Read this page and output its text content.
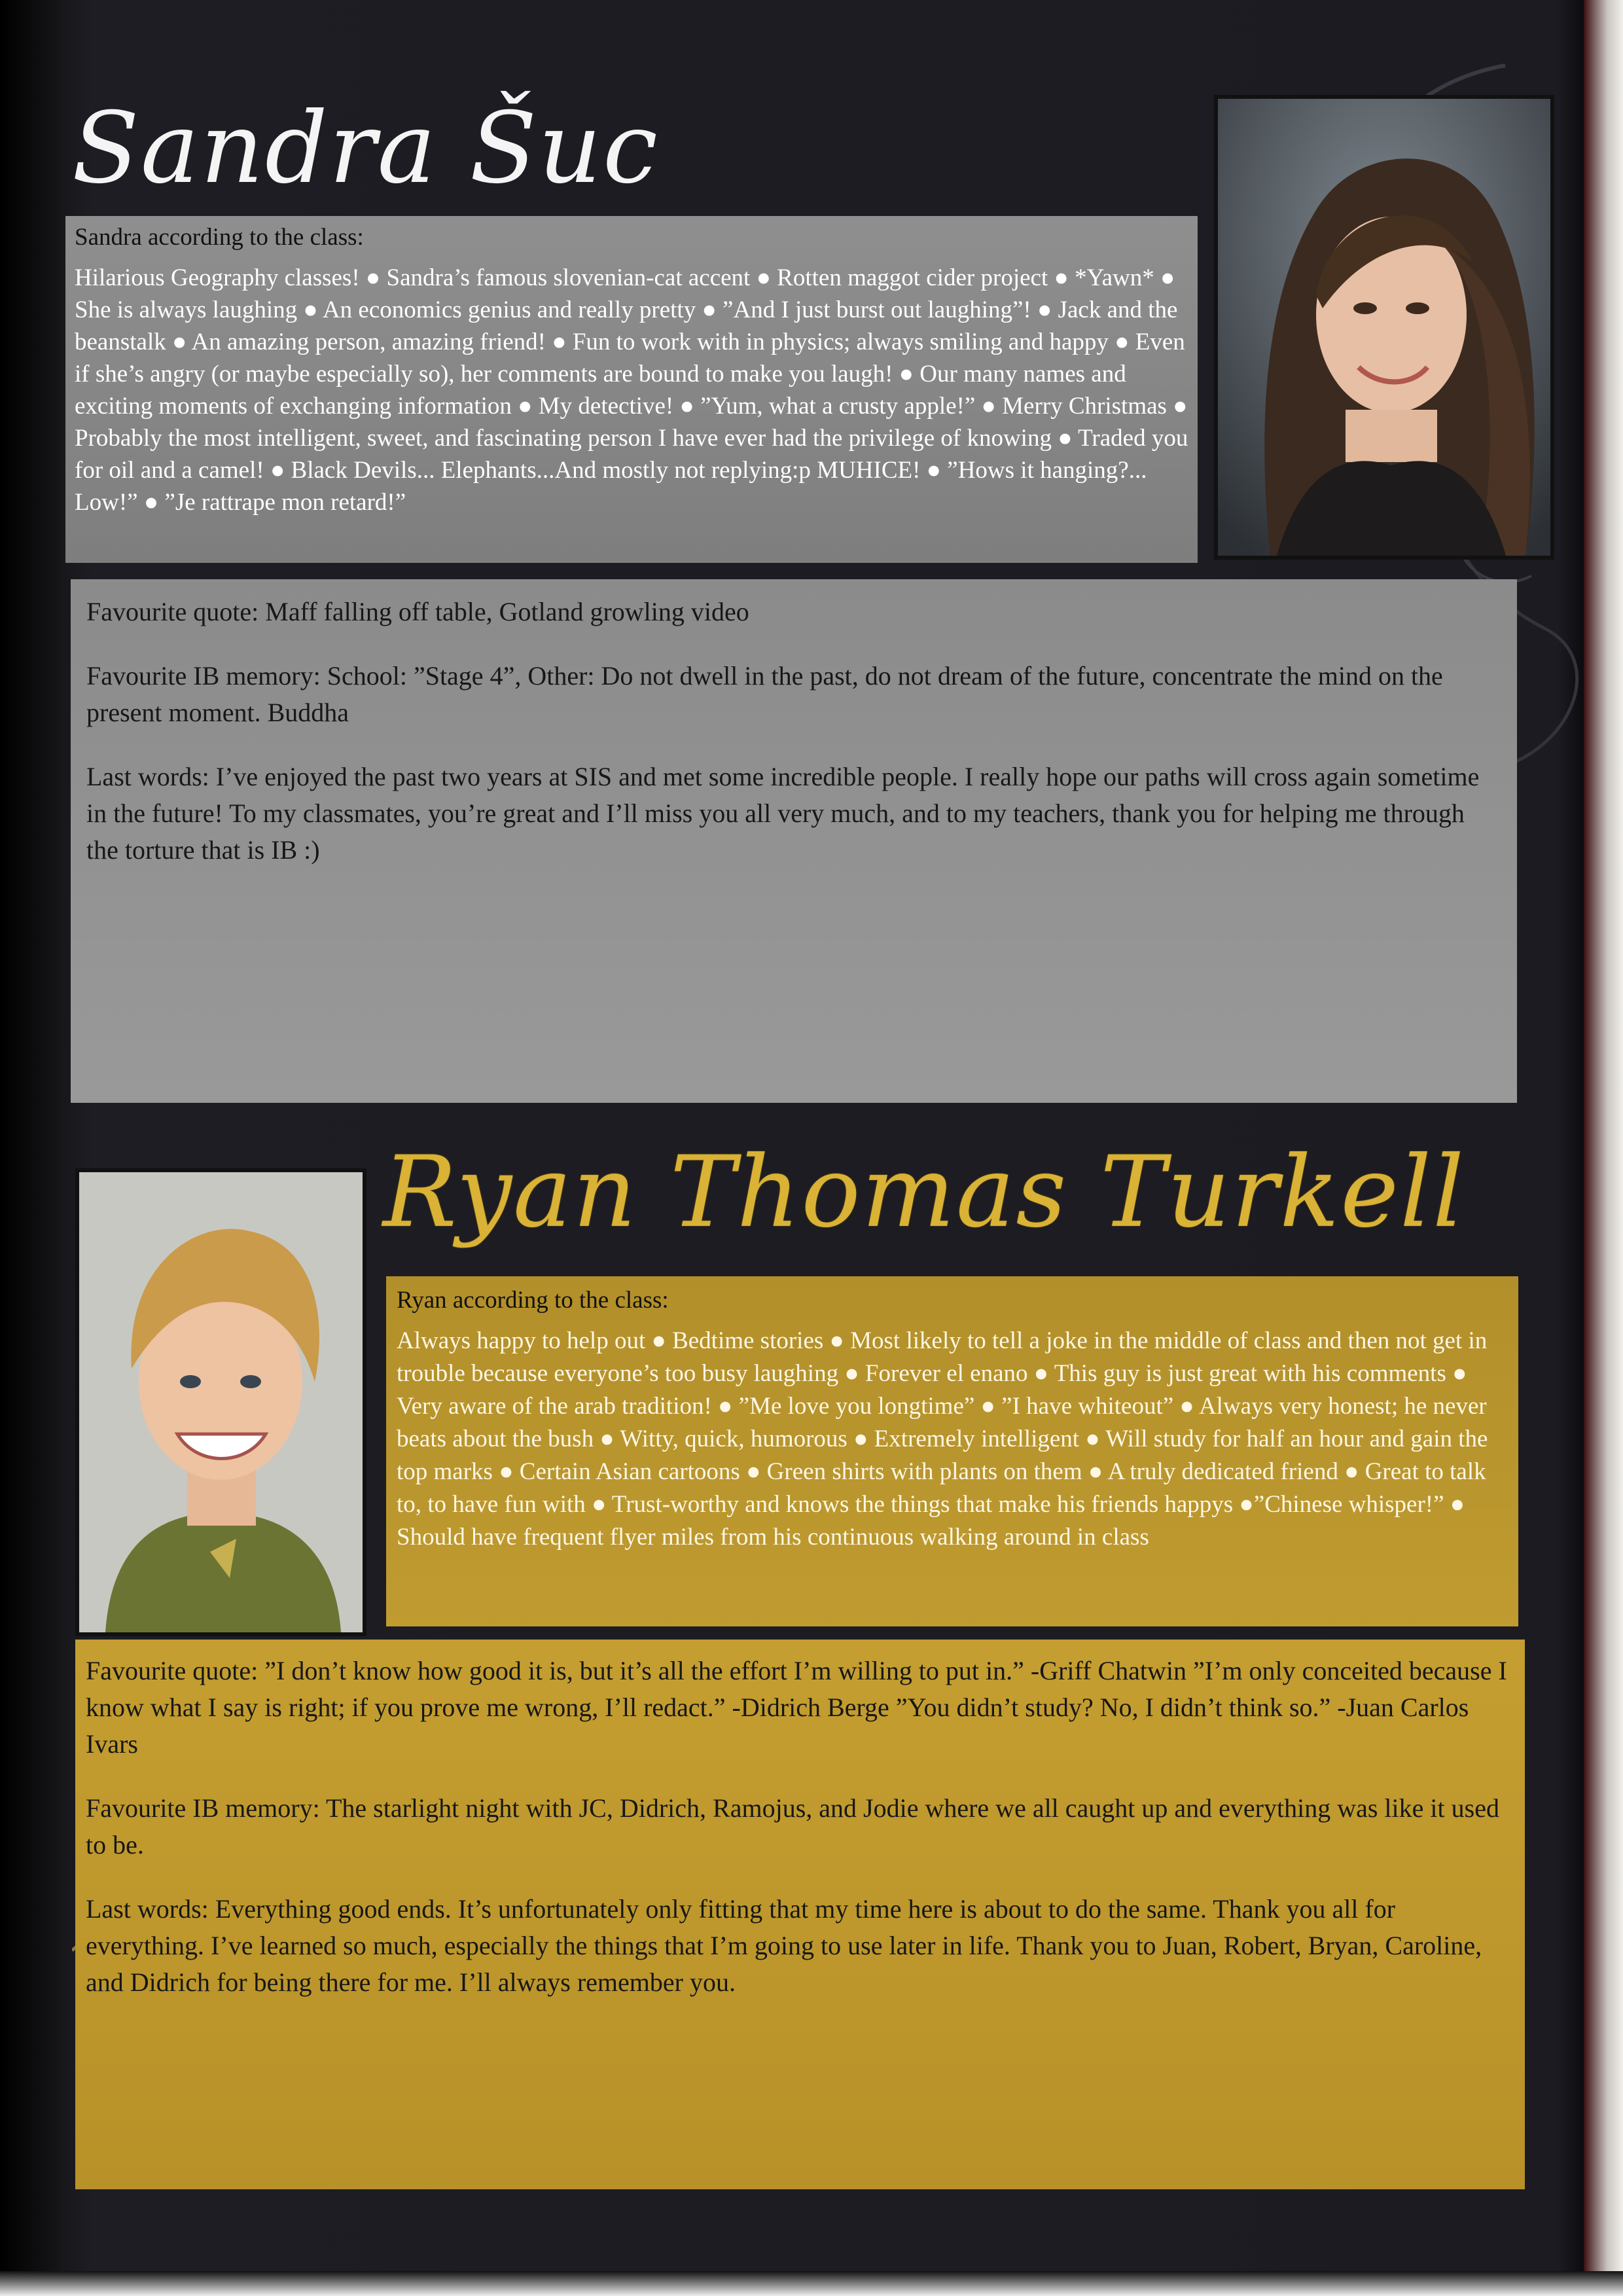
Sandra Šuc

Sandra according to the class:

Hilarious Geography classes! ● Sandra’s famous slovenian-cat accent ● Rotten maggot cider project ● *Yawn* ● She is always laughing ● An economics genius and really pretty ● ”And I just burst out laughing”! ● Jack and the beanstalk ● An amazing person, amazing friend! ● Fun to work with in physics; always smiling and happy ● Even if she’s angry (or maybe especially so), her comments are bound to make you laugh! ● Our many names and exciting moments of exchanging information ● My detective! ● ”Yum, what a crusty apple!” ● Merry Christmas ● Probably the most intelligent, sweet, and fascinating person I have ever had the privilege of knowing ● Traded you for oil and a camel! ● Black Devils... Elephants...And mostly not replying:p MUHICE! ● ”Hows it hanging?... Low!” ● ”Je rattrape mon retard!”

Favourite quote: Maff falling off table, Gotland growling video

Favourite IB memory: School: ”Stage 4”, Other: Do not dwell in the past, do not dream of the future, concentrate the mind on the present moment. Buddha

Last words: I’ve enjoyed the past two years at SIS and met some incredible people. I really hope our paths will cross again sometime in the future! To my classmates, you’re great and I’ll miss you all very much, and to my teachers, thank you for helping me through the torture that is IB :)

Ryan Thomas Turkell

Ryan according to the class:

Always happy to help out ● Bedtime stories ● Most likely to tell a joke in the middle of class and then not get in trouble because everyone’s too busy laughing ● Forever el enano ● This guy is just great with his comments ● Very aware of the arab tradition! ● ”Me love you longtime” ● ”I have whiteout” ● Always very honest; he never beats about the bush ● Witty, quick, humorous ● Extremely intelligent ● Will study for half an hour and gain the top marks ● Certain Asian cartoons ● Green shirts with plants on them ● A truly dedicated friend ● Great to talk to, to have fun with ● Trust-worthy and knows the things that make his friends happys ●”Chinese whisper!” ● Should have frequent flyer miles from his continuous walking around in class

Favourite quote: ”I don’t know how good it is, but it’s all the effort I’m willing to put in.” -Griff Chatwin ”I’m only conceited because I know what I say is right; if you prove me wrong, I’ll redact.” -Didrich Berge ”You didn’t study? No, I didn’t think so.” -Juan Carlos Ivars

Favourite IB memory: The starlight night with JC, Didrich, Ramojus, and Jodie where we all caught up and everything was like it used to be.

Last words: Everything good ends. It’s unfortunately only fitting that my time here is about to do the same. Thank you all for everything. I’ve learned so much, especially the things that I’m going to use later in life. Thank you to Juan, Robert, Bryan, Caroline, and Didrich for being there for me. I’ll always remember you.
